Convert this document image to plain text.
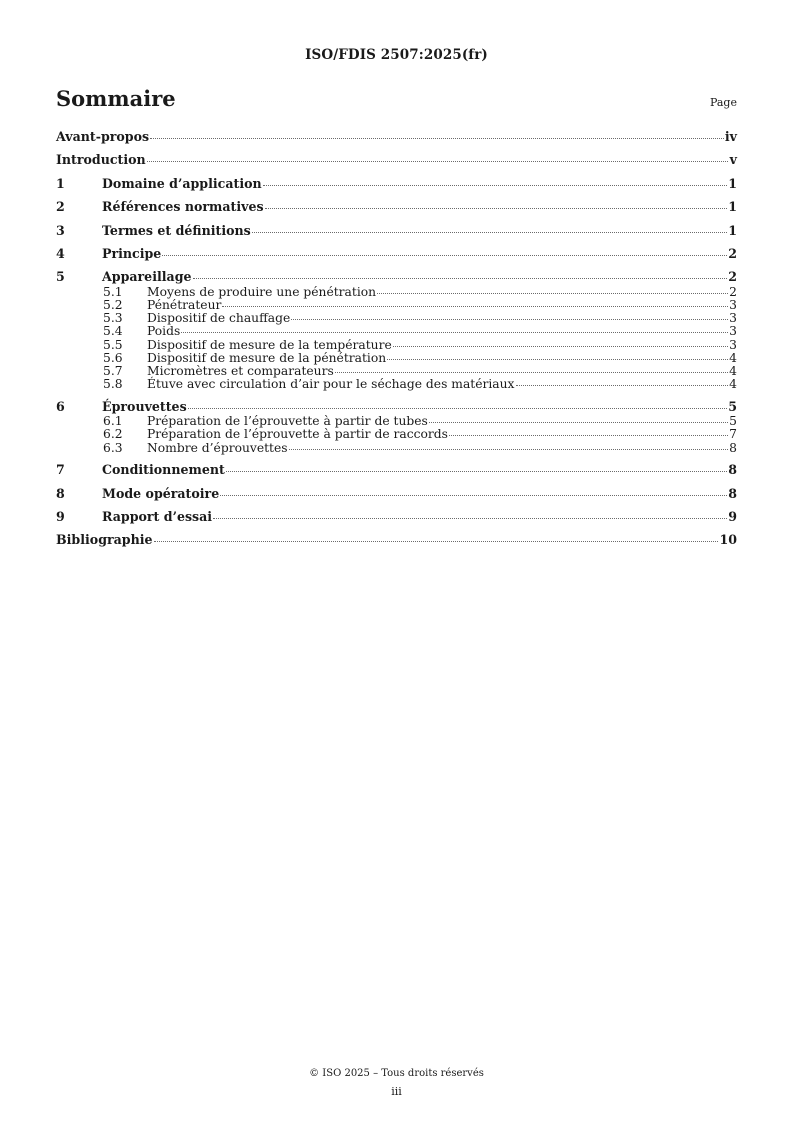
ISO/FDIS 2507:2025(fr)
Sommaire	Page
Avant-propos	iv
Introduction	v
1	Domaine d’application	1
2	Références normatives	1
3	Termes et définitions	1
4	Principe	2
5	Appareillage	2
5.1	Moyens de produire une pénétration	2
5.2	Pénétrateur	3
5.3	Dispositif de chauffage	3
5.4	Poids	3
5.5	Dispositif de mesure de la température	3
5.6	Dispositif de mesure de la pénétration	4
5.7	Micromètres et comparateurs	4
5.8	Étuve avec circulation d’air pour le séchage des matériaux	4
6	Éprouvettes	5
6.1	Préparation de l’éprouvette à partir de tubes	5
6.2	Préparation de l’éprouvette à partir de raccords	7
6.3	Nombre d’éprouvettes	8
7	Conditionnement	8
8	Mode opératoire	8
9	Rapport d’essai	9
Bibliographie	10
© ISO 2025 – Tous droits réservés
iii
